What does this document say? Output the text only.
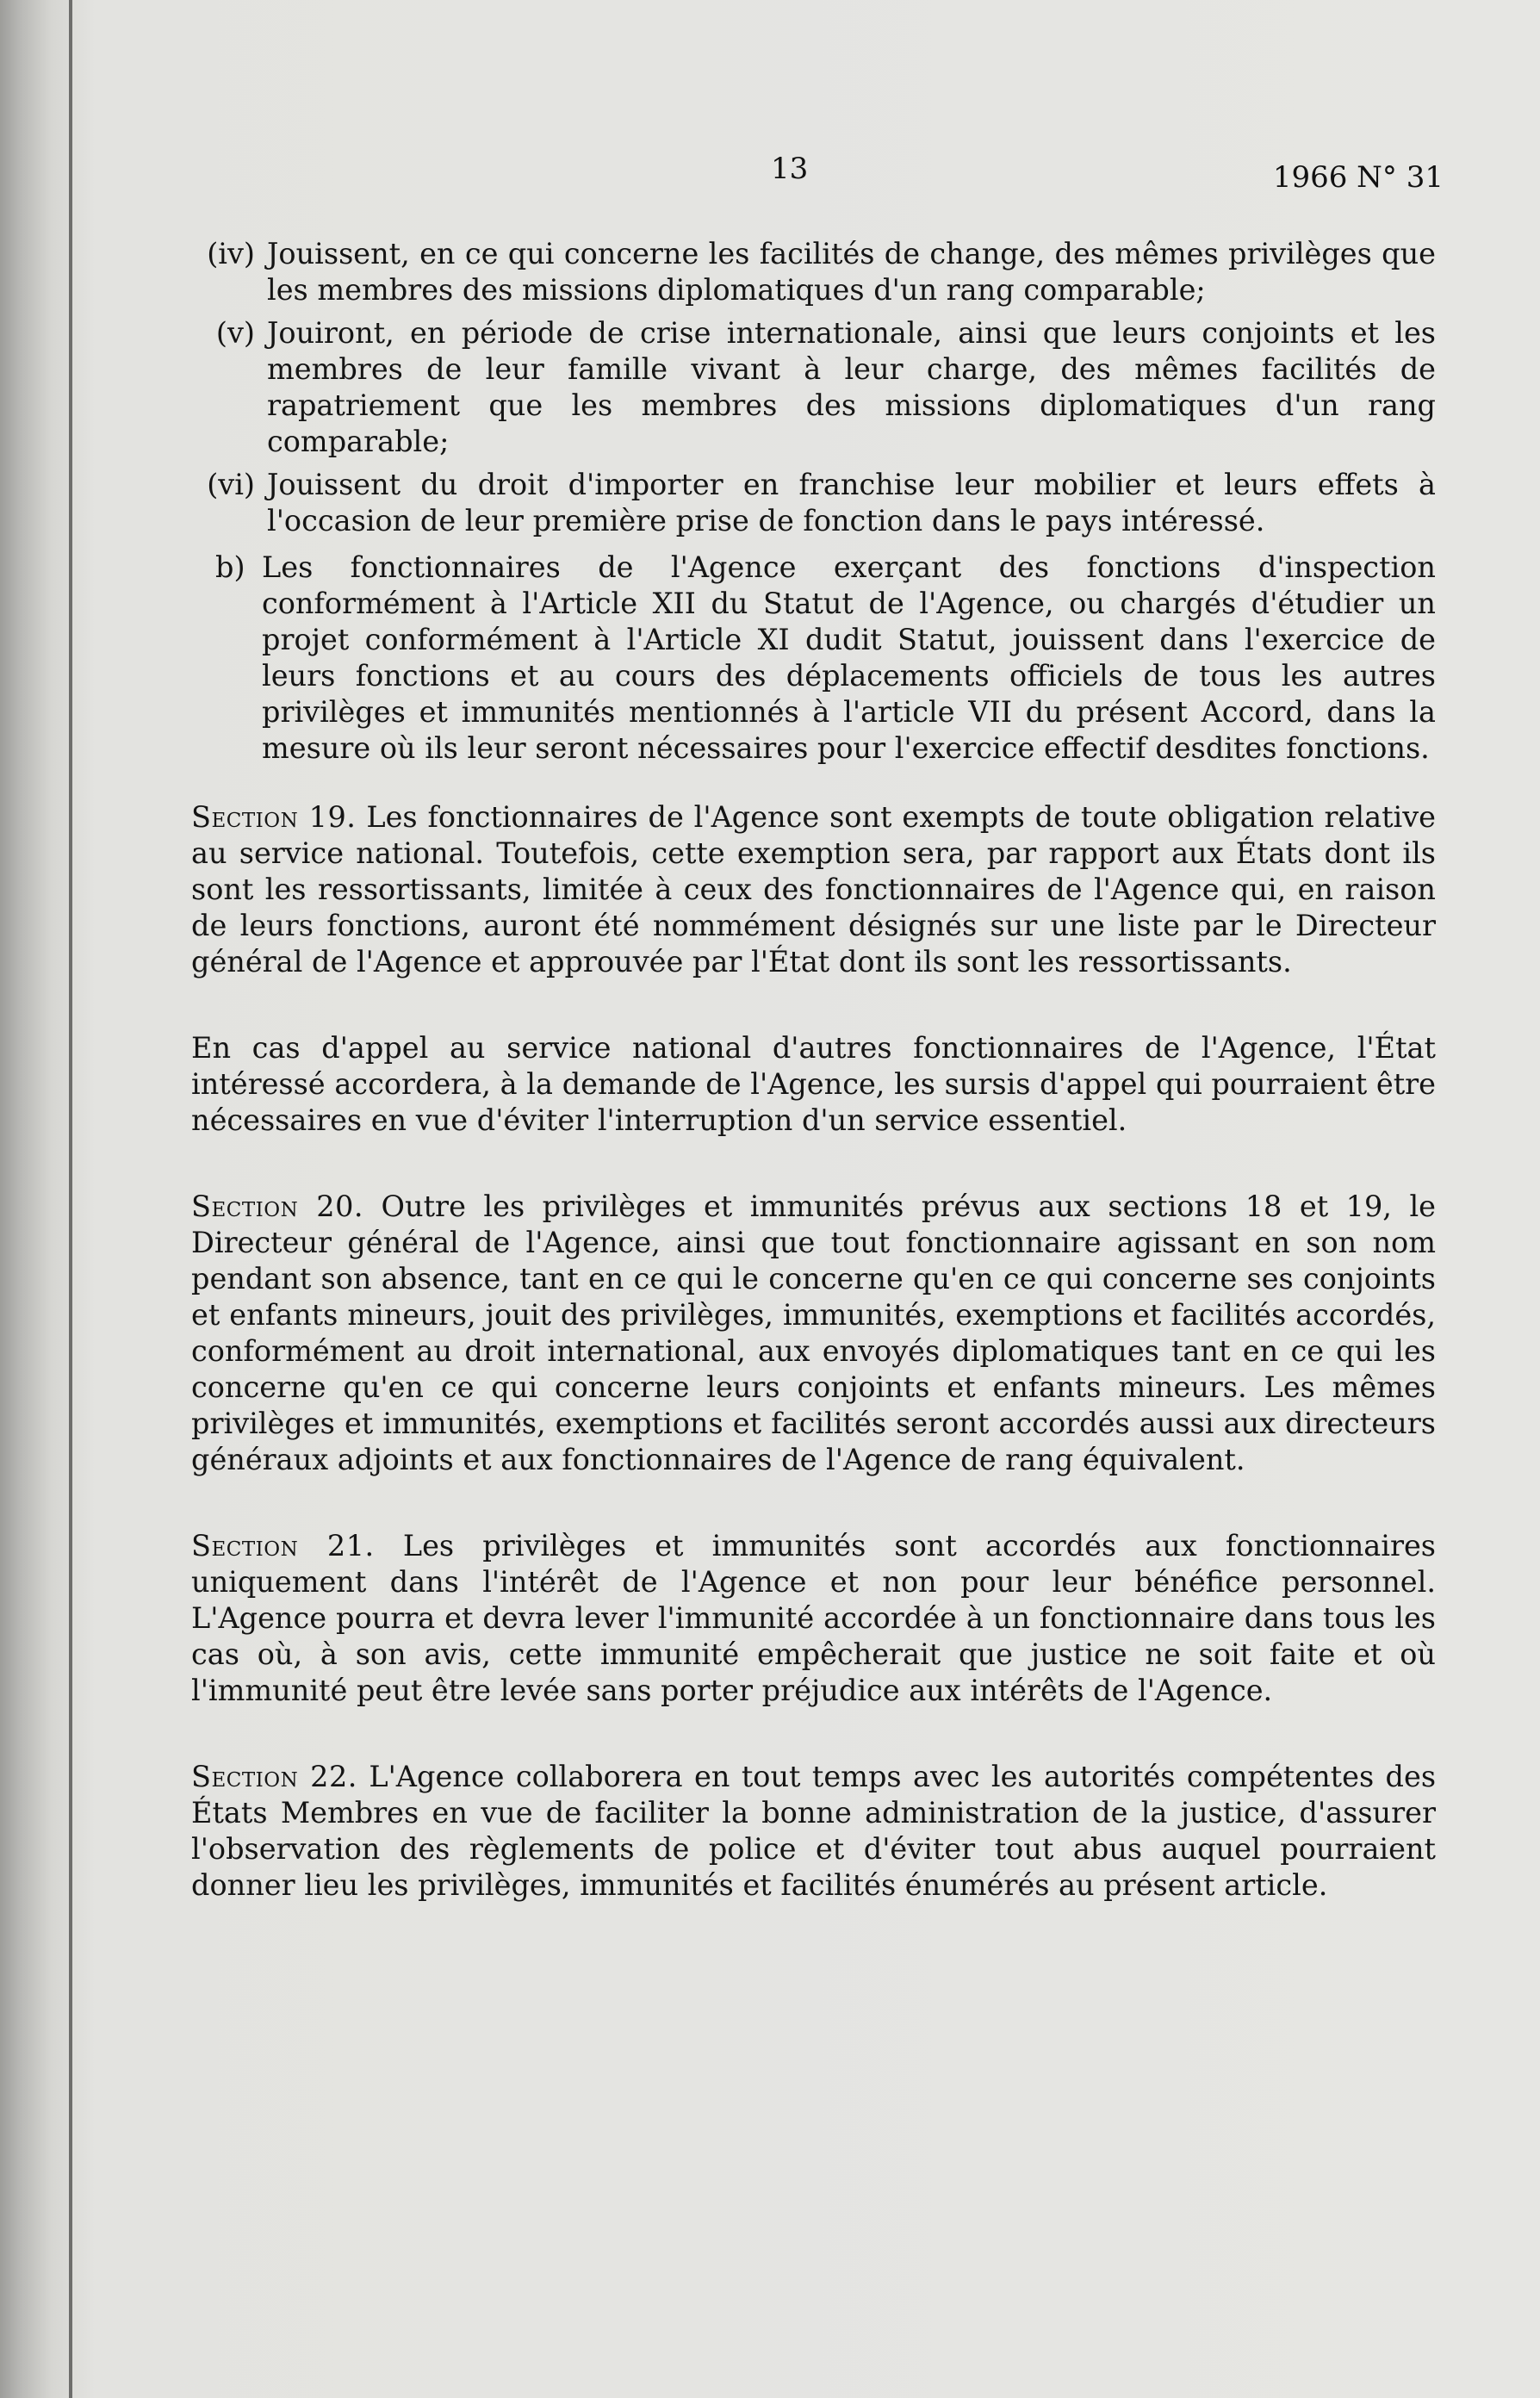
13	1966 N° 31
(iv) Jouissent, en ce qui concerne les facilités de change, des mêmes privilèges que les membres des missions diplomatiques d'un rang comparable;
(v) Jouiront, en période de crise internationale, ainsi que leurs conjoints et les membres de leur famille vivant à leur charge, des mêmes facilités de rapatriement que les membres des missions diplomatiques d'un rang comparable;
(vi) Jouissent du droit d'importer en franchise leur mobilier et leurs effets à l'occasion de leur première prise de fonction dans le pays intéressé.
b) Les fonctionnaires de l'Agence exerçant des fonctions d'inspection conformément à l'Article XII du Statut de l'Agence, ou chargés d'étudier un projet conformément à l'Article XI dudit Statut, jouissent dans l'exercice de leurs fonctions et au cours des déplacements officiels de tous les autres privilèges et immunités mentionnés à l'article VII du présent Accord, dans la mesure où ils leur seront nécessaires pour l'exercice effectif desdites fonctions.

Section 19. Les fonctionnaires de l'Agence sont exempts de toute obligation relative au service national. Toutefois, cette exemption sera, par rapport aux États dont ils sont les ressortissants, limitée à ceux des fonctionnaires de l'Agence qui, en raison de leurs fonctions, auront été nommément désignés sur une liste par le Directeur général de l'Agence et approuvée par l'État dont ils sont les ressortissants.

En cas d'appel au service national d'autres fonctionnaires de l'Agence, l'État intéressé accordera, à la demande de l'Agence, les sursis d'appel qui pourraient être nécessaires en vue d'éviter l'interruption d'un service essentiel.

Section 20. Outre les privilèges et immunités prévus aux sections 18 et 19, le Directeur général de l'Agence, ainsi que tout fonctionnaire agissant en son nom pendant son absence, tant en ce qui le concerne qu'en ce qui concerne ses conjoints et enfants mineurs, jouit des privilèges, immunités, exemptions et facilités accordés, conformément au droit international, aux envoyés diplomatiques tant en ce qui les concerne qu'en ce qui concerne leurs conjoints et enfants mineurs. Les mêmes privilèges et immunités, exemptions et facilités seront accordés aussi aux directeurs généraux adjoints et aux fonctionnaires de l'Agence de rang équivalent.

Section 21. Les privilèges et immunités sont accordés aux fonctionnaires uniquement dans l'intérêt de l'Agence et non pour leur bénéfice personnel. L'Agence pourra et devra lever l'immunité accordée à un fonctionnaire dans tous les cas où, à son avis, cette immunité empêcherait que justice ne soit faite et où l'immunité peut être levée sans porter préjudice aux intérêts de l'Agence.

Section 22. L'Agence collaborera en tout temps avec les autorités compétentes des États Membres en vue de faciliter la bonne administration de la justice, d'assurer l'observation des règlements de police et d'éviter tout abus auquel pourraient donner lieu les privilèges, immunités et facilités énumérés au présent article.
